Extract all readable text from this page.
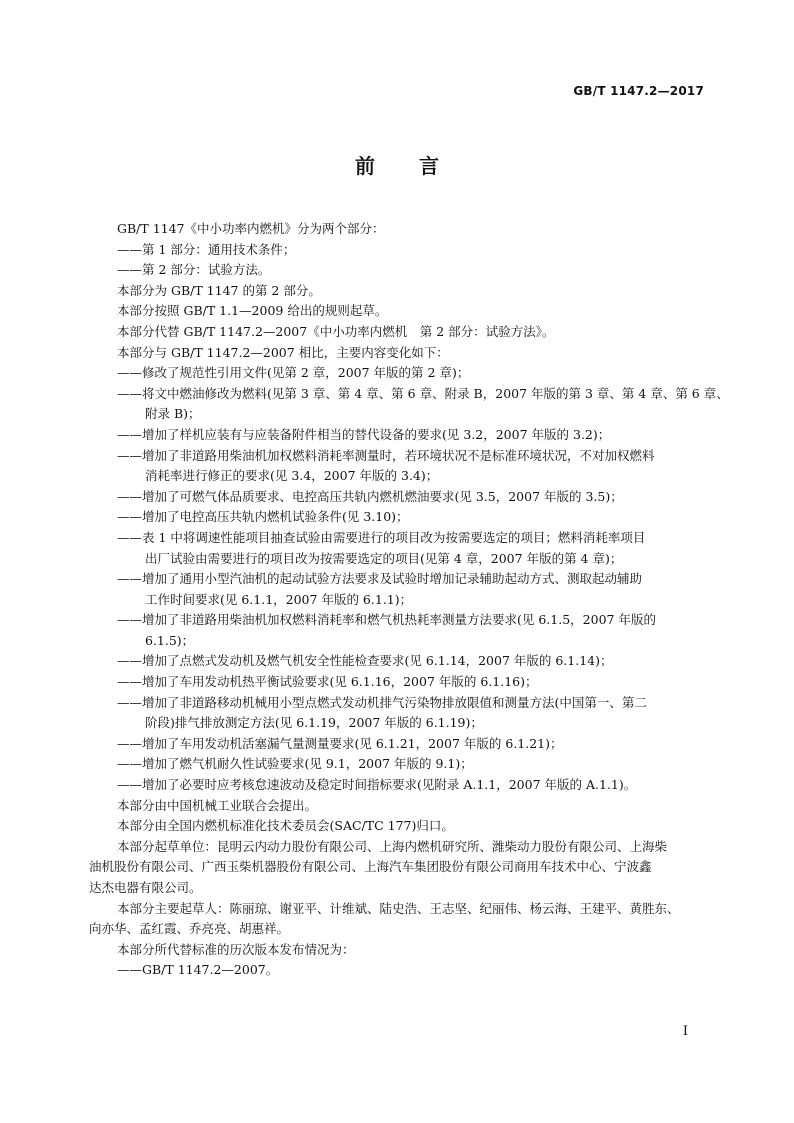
GB/T 1147.2—2017
前言
GB/T 1147《中小功率内燃机》分为两个部分：
——第 1 部分：通用技术条件；
——第 2 部分：试验方法。
本部分为 GB/T 1147 的第 2 部分。
本部分按照 GB/T 1.1—2009 给出的规则起草。
本部分代替 GB/T 1147.2—2007《中小功率内燃机　第 2 部分：试验方法》。
本部分与 GB/T 1147.2—2007 相比，主要内容变化如下：
——修改了规范性引用文件(见第 2 章，2007 年版的第 2 章)；
——将文中燃油修改为燃料(见第 3 章、第 4 章、第 6 章、附录 B，2007 年版的第 3 章、第 4 章、第 6 章、
附录 B)；
——增加了样机应装有与应装备附件相当的替代设备的要求(见 3.2，2007 年版的 3.2)；
——增加了非道路用柴油机加权燃料消耗率测量时，若环境状况不是标准环境状况，不对加权燃料
消耗率进行修正的要求(见 3.4，2007 年版的 3.4)；
——增加了可燃气体品质要求、电控高压共轨内燃机燃油要求(见 3.5，2007 年版的 3.5)；
——增加了电控高压共轨内燃机试验条件(见 3.10)；
——表 1 中将调速性能项目抽查试验由需要进行的项目改为按需要选定的项目；燃料消耗率项目
出厂试验由需要进行的项目改为按需要选定的项目(见第 4 章，2007 年版的第 4 章)；
——增加了通用小型汽油机的起动试验方法要求及试验时增加记录辅助起动方式、测取起动辅助
工作时间要求(见 6.1.1，2007 年版的 6.1.1)；
——增加了非道路用柴油机加权燃料消耗率和燃气机热耗率测量方法要求(见 6.1.5，2007 年版的
6.1.5)；
——增加了点燃式发动机及燃气机安全性能检查要求(见 6.1.14，2007 年版的 6.1.14)；
——增加了车用发动机热平衡试验要求(见 6.1.16，2007 年版的 6.1.16)；
——增加了非道路移动机械用小型点燃式发动机排气污染物排放限值和测量方法(中国第一、第二
阶段)排气排放测定方法(见 6.1.19，2007 年版的 6.1.19)；
——增加了车用发动机活塞漏气量测量要求(见 6.1.21，2007 年版的 6.1.21)；
——增加了燃气机耐久性试验要求(见 9.1，2007 年版的 9.1)；
——增加了必要时应考核怠速波动及稳定时间指标要求(见附录 A.1.1，2007 年版的 A.1.1)。
本部分由中国机械工业联合会提出。
本部分由全国内燃机标准化技术委员会(SAC/TC 177)归口。
本部分起草单位：昆明云内动力股份有限公司、上海内燃机研究所、潍柴动力股份有限公司、上海柴
油机股份有限公司、广西玉柴机器股份有限公司、上海汽车集团股份有限公司商用车技术中心、宁波鑫
达杰电器有限公司。
本部分主要起草人：陈丽琼、谢亚平、计维斌、陆史浩、王志坚、纪丽伟、杨云海、王建平、黄胜东、
向亦华、孟红霞、乔亮亮、胡惠祥。
本部分所代替标准的历次版本发布情况为：
——GB/T 1147.2—2007。
I
